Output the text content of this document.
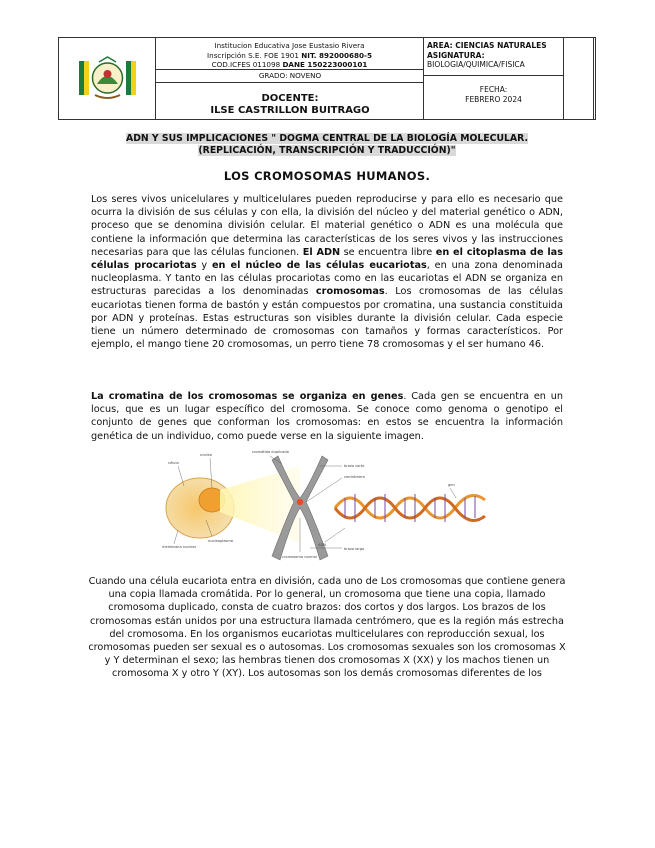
Institucion Educativa Jose Eustasio Rivera
Inscripción S.E. FOE 1901 NIT. 892000680-5
COD.ICFES 011098 DANE 150223000101
GRADO: NOVENO
DOCENTE:
ILSE CASTRILLON BUITRAGO
AREA: CIENCIAS NATURALES
ASIGNATURA:
BIOLOGIA/QUIMICA/FISICA
FECHA:
FEBRERO 2024
ADN Y SUS IMPLICACIONES " DOGMA CENTRAL DE LA BIOLOGÍA MOLECULAR.
(REPLICACIÓN, TRANSCRIPCIÓN Y TRADUCCIÓN)"
LOS CROMOSOMAS HUMANOS.
Los seres vivos unicelulares y multicelulares pueden reproducirse y para ello es necesario que ocurra la división de sus células y con ella, la división del núcleo y del material genético o ADN, proceso que se denomina división celular. El material genético o ADN es una molécula que contiene la información que determina las características de los seres vivos y las instrucciones necesarias para que las células funcionen. El ADN se encuentra libre en el citoplasma de las células procariotas y en el núcleo de las células eucariotas, en una zona denominada nucleoplasma. Y tanto en las células procariotas como en las eucariotas el ADN se organiza en estructuras parecidas a los denominadas cromosomas. Los cromosomas de las células eucariotas tienen forma de bastón y están compuestos por cromatina, una sustancia constituida por ADN y proteínas. Estas estructuras son visibles durante la división celular. Cada especie tiene un número determinado de cromosomas con tamaños y formas característicos. Por ejemplo, el mango tiene 20 cromosomas, un perro tiene 78 cromosomas y el ser humano 46.
La cromatina de los cromosomas se organiza en genes. Cada gen se encuentra en un locus, que es un lugar específico del cromosoma. Se conoce como genoma o genotipo el conjunto de genes que conforman los cromosomas: en estos se encuentra la información genética de un individuo, como puede verse en la siguiente imagen.
célula
núcleo
cromátida duplicada
brazo corto
centrómero
gen
nucleoplasma
membrana nuclear	ADN
brazo largo
cromosoma normal
Cuando una célula eucariota entra en división, cada uno de Los cromosomas que contiene genera una copia llamada cromátida. Por lo general, un cromosoma que tiene una copia, llamado cromosoma duplicado, consta de cuatro brazos: dos cortos y dos largos. Los brazos de los cromosomas están unidos por una estructura llamada centrómero, que es la región más estrecha del cromosoma. En los organismos eucariotas multicelulares con reproducción sexual, los cromosomas pueden ser sexual es o autosomas. Los cromosomas sexuales son los cromosomas X y Y determinan el sexo; las hembras tienen dos cromosomas X (XX) y los machos tienen un cromosoma X y otro Y (XY). Los autosomas son los demás cromosomas diferentes de los
